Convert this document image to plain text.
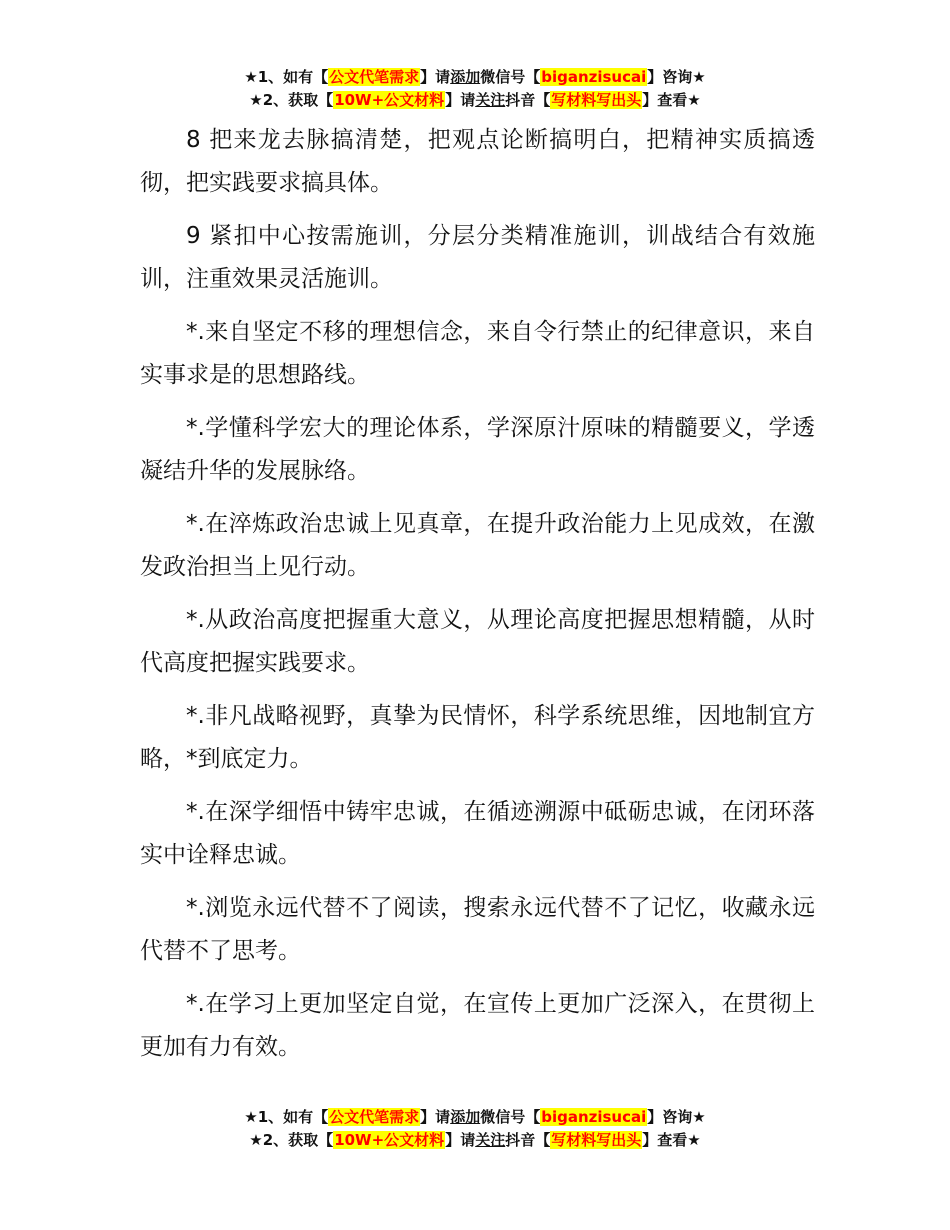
★1、如有【公文代笔需求】请添加微信号【biganzisucai】咨询★
★2、获取【10W+公文材料】请关注抖音【写材料写出头】查看★

8 把来龙去脉搞清楚，把观点论断搞明白，把精神实质搞透彻，把实践要求搞具体。

9 紧扣中心按需施训，分层分类精准施训，训战结合有效施训，注重效果灵活施训。

*.来自坚定不移的理想信念，来自令行禁止的纪律意识，来自实事求是的思想路线。

*.学懂科学宏大的理论体系，学深原汁原味的精髓要义，学透凝结升华的发展脉络。

*.在淬炼政治忠诚上见真章，在提升政治能力上见成效，在激发政治担当上见行动。

*.从政治高度把握重大意义，从理论高度把握思想精髓，从时代高度把握实践要求。

*.非凡战略视野，真挚为民情怀，科学系统思维，因地制宜方略，*到底定力。

*.在深学细悟中铸牢忠诚，在循迹溯源中砥砺忠诚，在闭环落实中诠释忠诚。

*.浏览永远代替不了阅读，搜索永远代替不了记忆，收藏永远代替不了思考。

*.在学习上更加坚定自觉，在宣传上更加广泛深入，在贯彻上更加有力有效。

★1、如有【公文代笔需求】请添加微信号【biganzisucai】咨询★
★2、获取【10W+公文材料】请关注抖音【写材料写出头】查看★
